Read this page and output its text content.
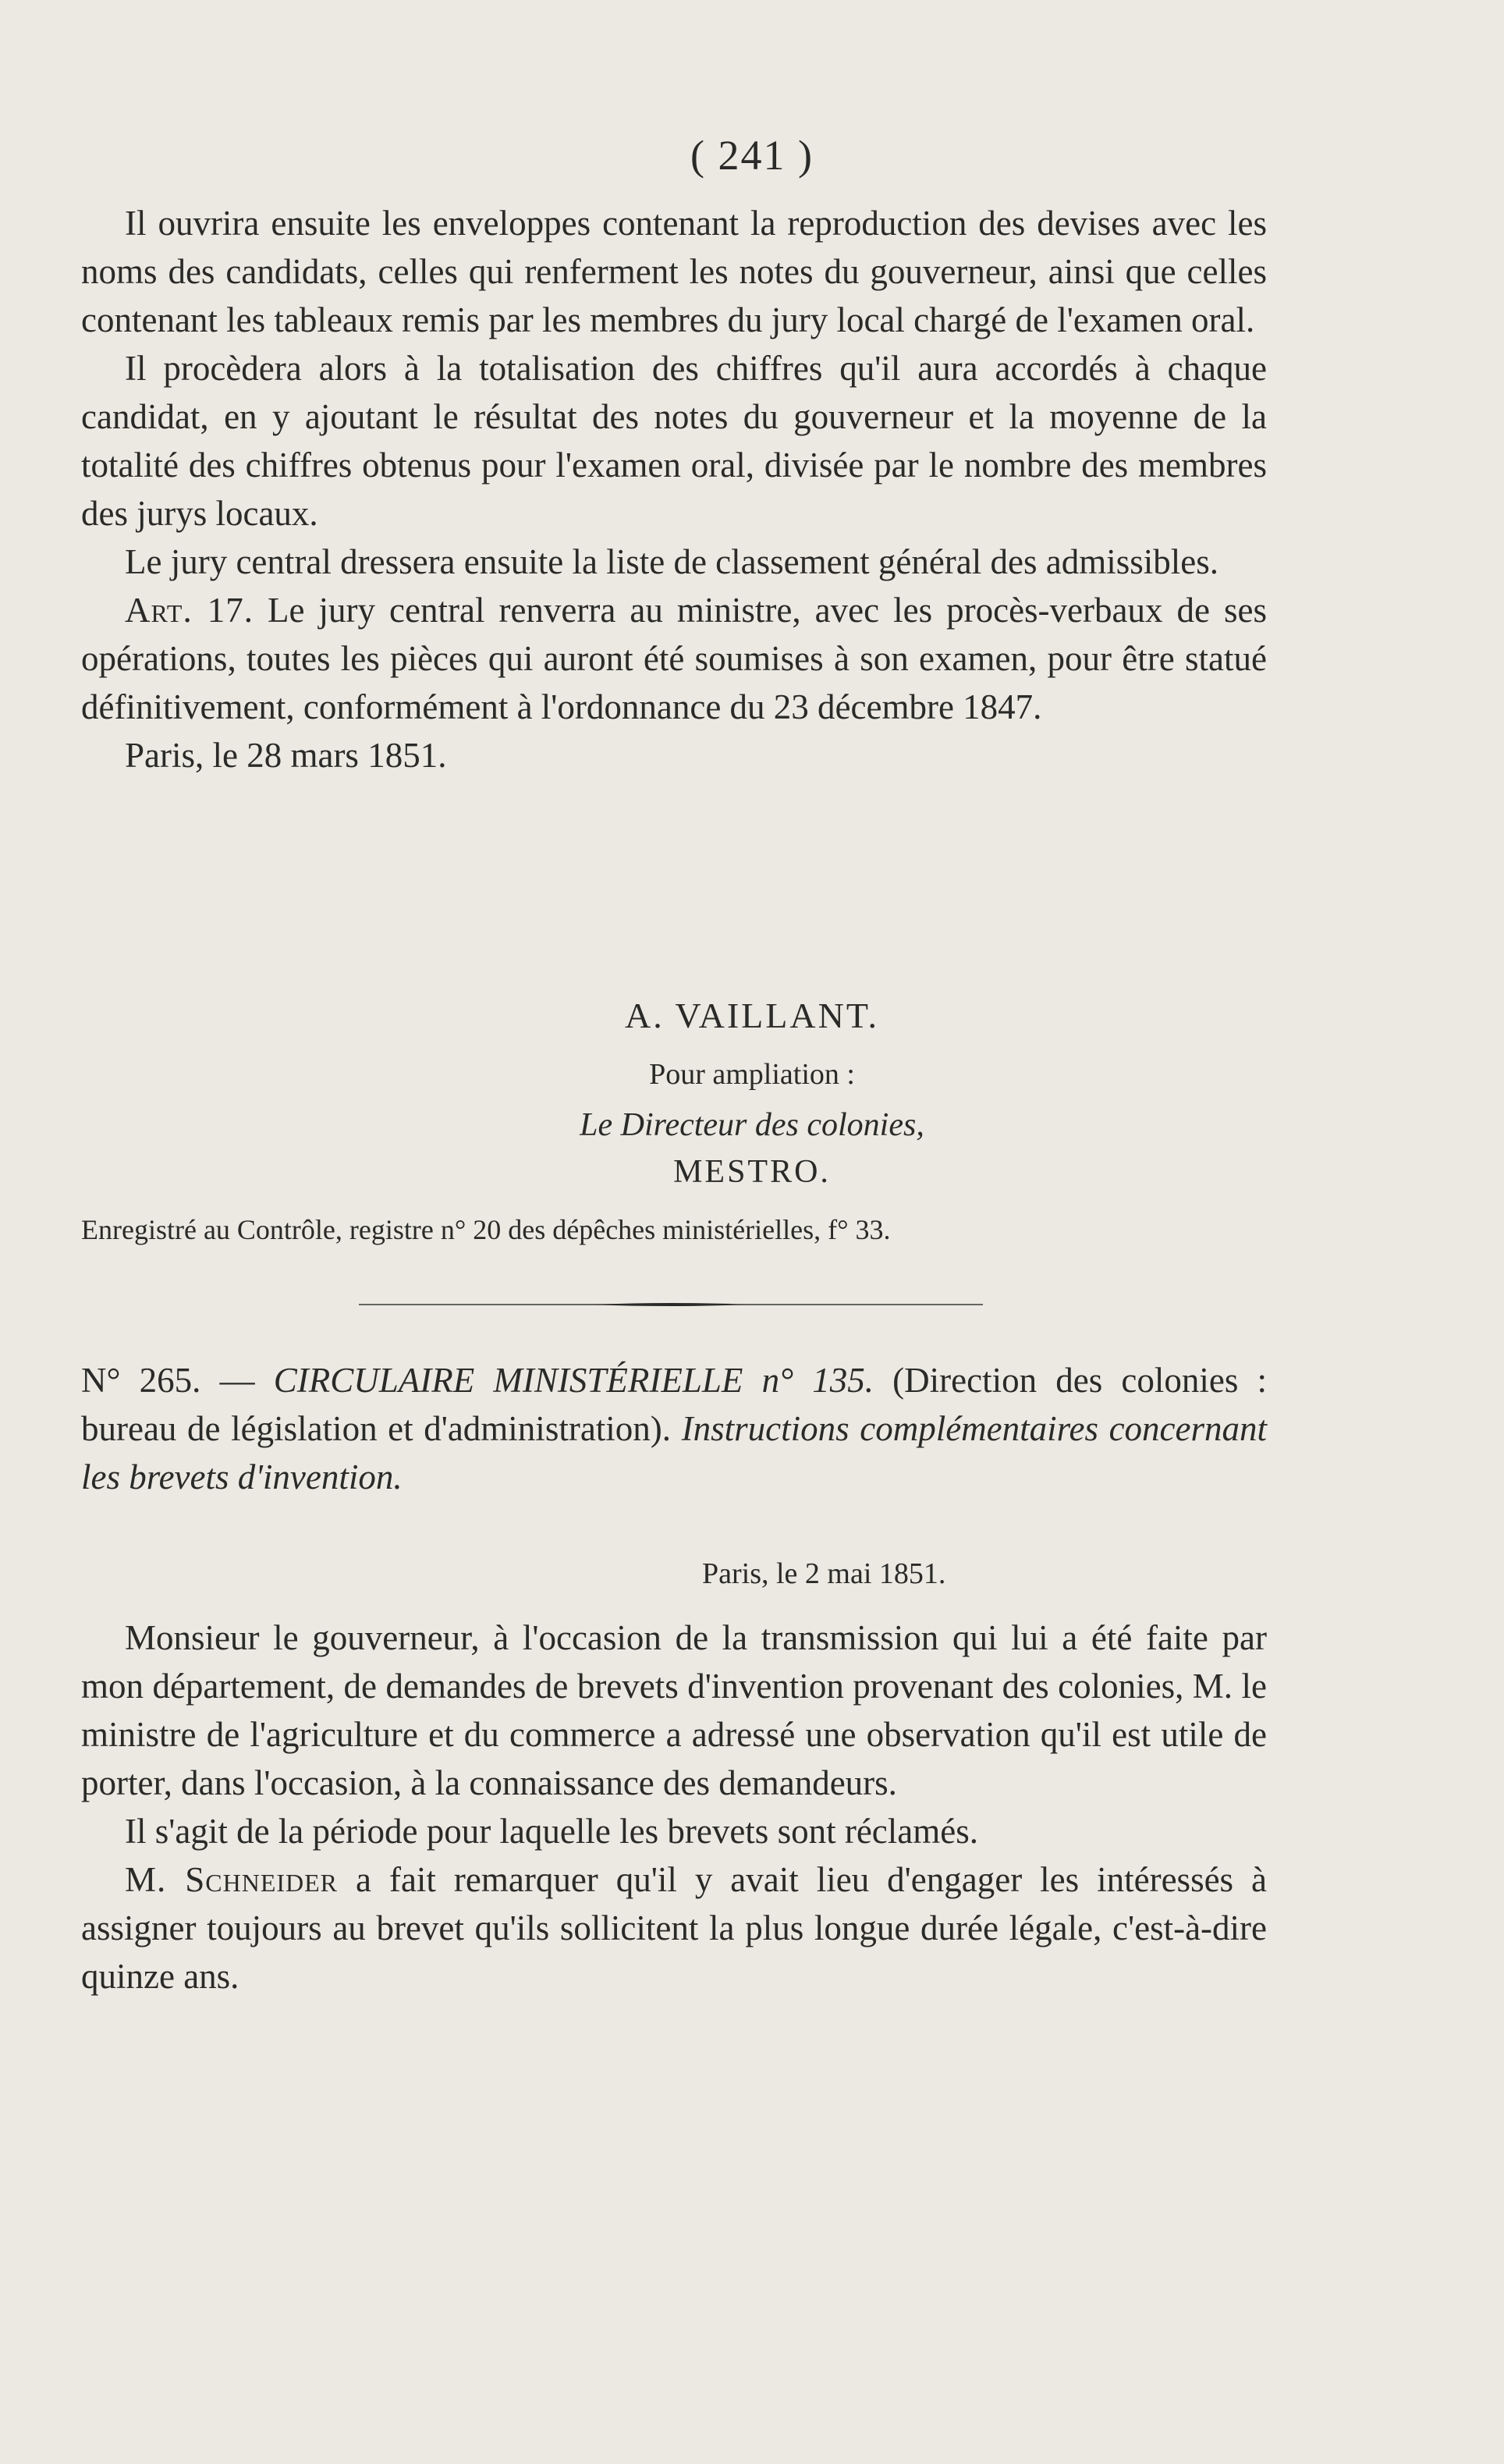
( 241 )

Il ouvrira ensuite les enveloppes contenant la reproduction des devises avec les noms des candidats, celles qui renferment les notes du gouverneur, ainsi que celles contenant les tableaux remis par les membres du jury local chargé de l'examen oral.

Il procèdera alors à la totalisation des chiffres qu'il aura accordés à chaque candidat, en y ajoutant le résultat des notes du gouverneur et la moyenne de la totalité des chiffres obtenus pour l'examen oral, divisée par le nombre des membres des jurys locaux.

Le jury central dressera ensuite la liste de classement général des admissibles.

Art. 17. Le jury central renverra au ministre, avec les procès-verbaux de ses opérations, toutes les pièces qui auront été soumises à son examen, pour être statué définitivement, conformément à l'ordonnance du 23 décembre 1847.

Paris, le 28 mars 1851.

A. VAILLANT.
Pour ampliation :
Le Directeur des colonies,
MESTRO.
Enregistré au Contrôle, registre n° 20 des dépêches ministérielles, f° 33.

N° 265. — CIRCULAIRE MINISTÉRIELLE n° 135. (Direction des colonies : bureau de législation et d'administration). Instructions complémentaires concernant les brevets d'invention.

Paris, le 2 mai 1851.

Monsieur le gouverneur, à l'occasion de la transmission qui lui a été faite par mon département, de demandes de brevets d'invention provenant des colonies, M. le ministre de l'agriculture et du commerce a adressé une observation qu'il est utile de porter, dans l'occasion, à la connaissance des demandeurs.

Il s'agit de la période pour laquelle les brevets sont réclamés.

M. Schneider a fait remarquer qu'il y avait lieu d'engager les intéressés à assigner toujours au brevet qu'ils sollicitent la plus longue durée légale, c'est-à-dire quinze ans.
